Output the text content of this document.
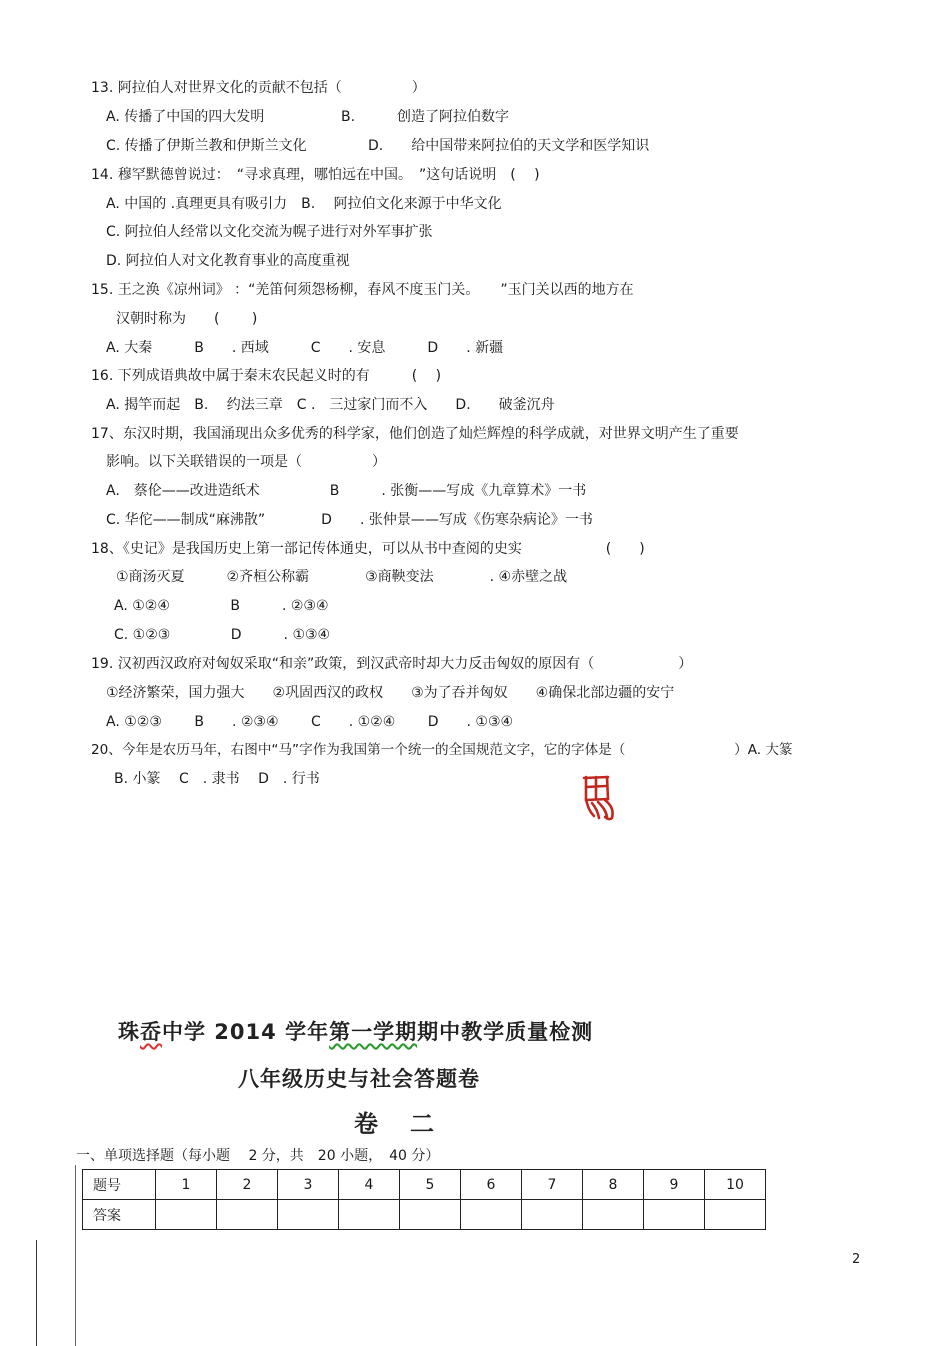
13. 阿拉伯人对世界文化的贡献不包括（　　　　　）
A. 传播了中国的四大发明	B.　　　创造了阿拉伯数字
C. 传播了伊斯兰教和伊斯兰文化	D.　　给中国带来阿拉伯的天文学和医学知识
14. 穆罕默德曾说过：　“寻求真理，哪怕远在中国。　”这句话说明　(　 )
A. 中国的 .真理更具有吸引力　B.　 阿拉伯文化来源于中华文化
C. 阿拉伯人经常以文化交流为幌子进行对外军事扩张
D. 阿拉伯人对文化教育事业的高度重视
15. 王之涣《凉州词》 ：“羌笛何须怨杨柳，春风不度玉门关。　　”玉门关以西的地方在
汉朝时称为　　(　　 )
A. 大秦　　　B　　. 西域　　　C　　. 安息　　　D　　. 新疆
16. 下列成语典故中属于秦末农民起义时的有　　　(　 )
A. 揭竿而起　B.　 约法三章　C .　三过家门而不入　　D.　　破釜沉舟
17、东汉时期，我国涌现出众多优秀的科学家，他们创造了灿烂辉煌的科学成就，对世界文明产生了重要
影响。以下关联错误的一项是（　　　　　）
A.　蔡伦——改进造纸术　　　　　B　　　. 张衡——写成《九章算术》一书
C. 华佗——制成“麻沸散”　　　　D　　. 张仲景——写成《伤寒杂病论》一书
18、《史记》是我国历史上第一部记传体通史，可以从书中查阅的史实　　　　　　(　　)
①商汤灭夏　　　②齐桓公称霸　　　　③商鞅变法　　　　. ④赤壁之战
A. ①②④　　　　 B　　　. ②③④
C. ①②③　　　　 D　　　. ①③④
19. 汉初西汉政府对匈奴采取“和亲”政策，到汉武帝时却大力反击匈奴的原因有（　　　　　　）
①经济繁荣，国力强大　　②巩固西汉的政权　　③为了吞并匈奴　　④确保北部边疆的安宁
A. ①②③　　 B　　. ②③④　　 C　　. ①②④　　 D　　. ①③④
20、今年是农历马年，右图中“马”字作为我国第一个统一的全国规范文字，它的字体是（　　　　　　　　）A. 大篆
B. 小篆　 C　. 隶书　 D　. 行书
珠岙中学 2014 学年第一学期期中教学质量检测
八年级历史与社会答题卷
卷　二
一、单项选择题（每小题　 2 分，共　20 小题，　40 分）
题号	1	2	3	4	5	6	7	8	9	10
答案										
2
